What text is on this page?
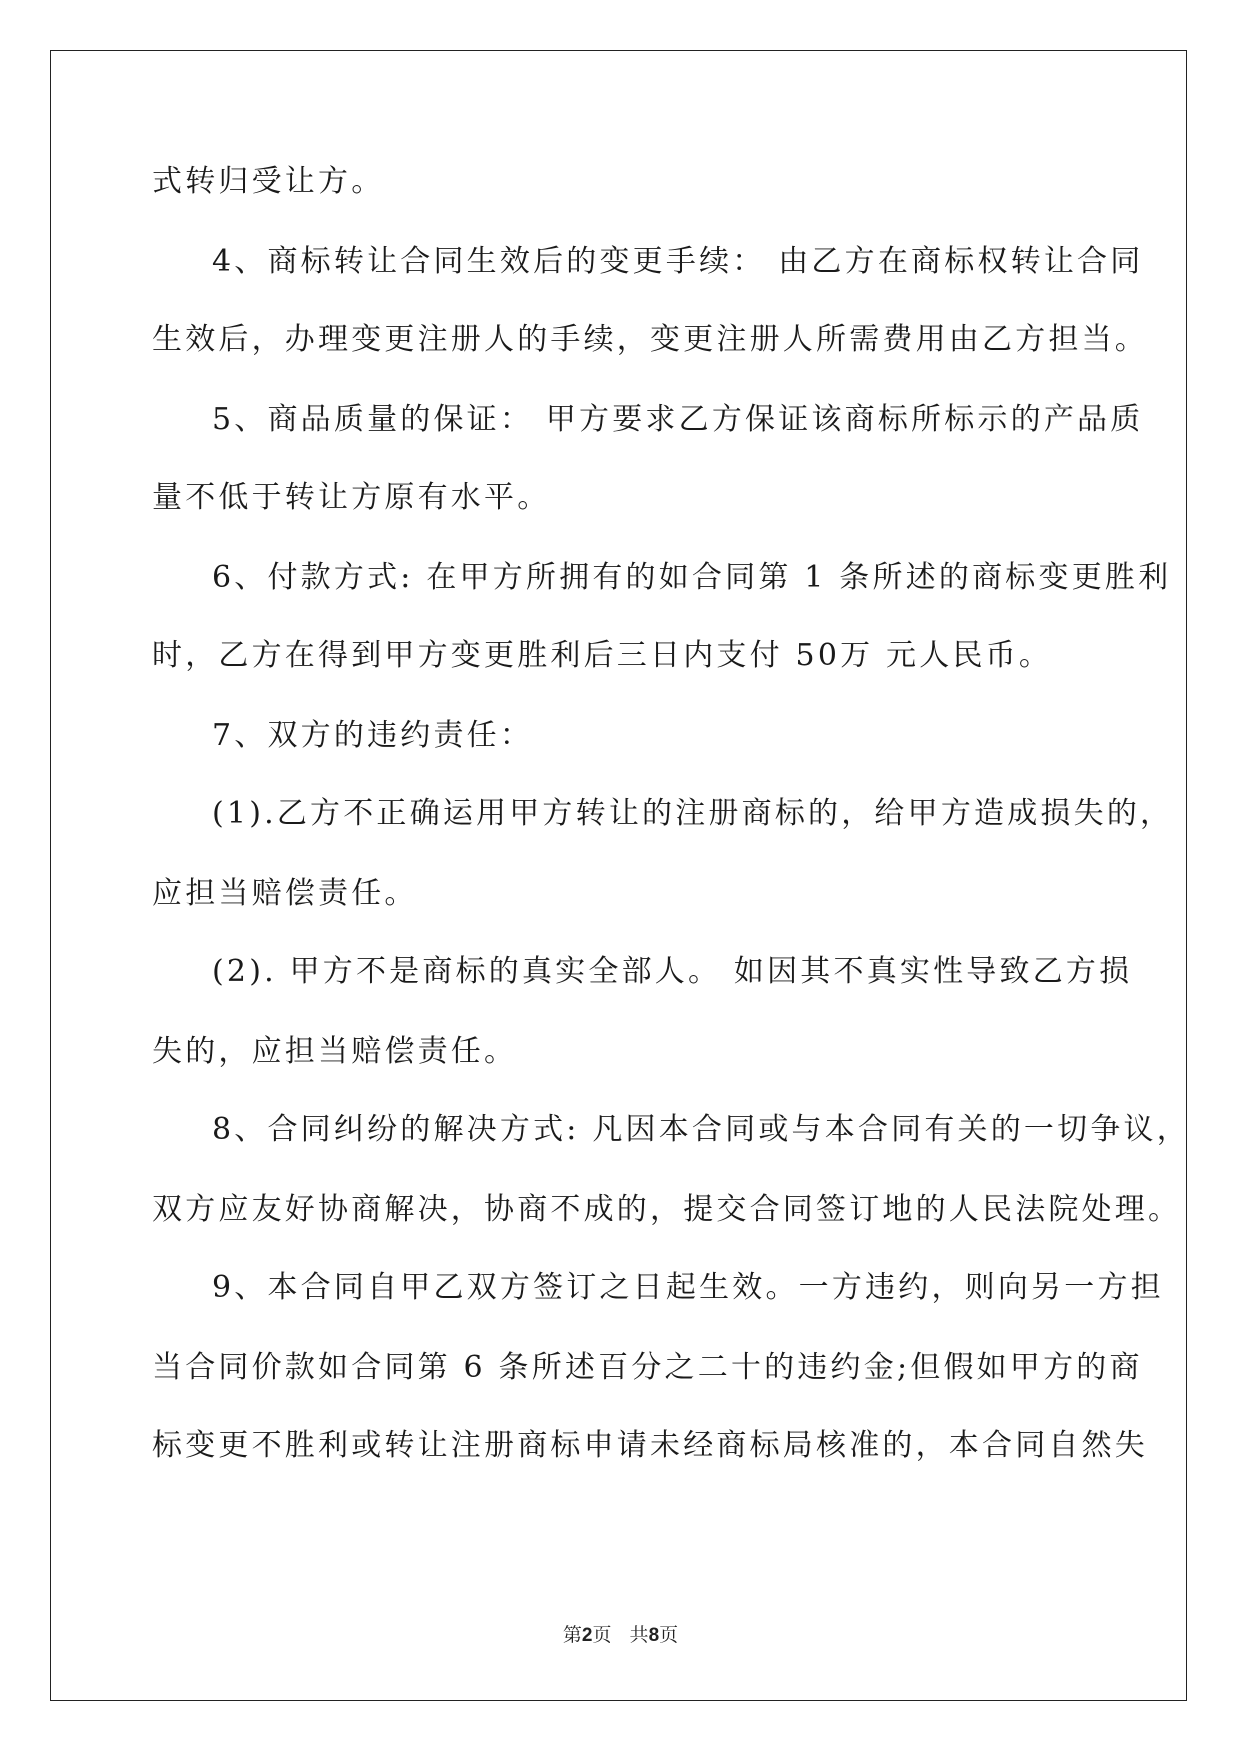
式转归受让方。
4、商标转让合同生效后的变更手续： 由乙方在商标权转让合同
生效后，办理变更注册人的手续，变更注册人所需费用由乙方担当。
5、商品质量的保证： 甲方要求乙方保证该商标所标示的产品质
量不低于转让方原有水平。
6、付款方式: 在甲方所拥有的如合同第 1 条所述的商标变更胜利
时，乙方在得到甲方变更胜利后三日内支付 50万 元人民币。
7、双方的违约责任：
(1).乙方不正确运用甲方转让的注册商标的，给甲方造成损失的，
应担当赔偿责任。
(2). 甲方不是商标的真实全部人。 如因其不真实性导致乙方损
失的，应担当赔偿责任。
8、合同纠纷的解决方式: 凡因本合同或与本合同有关的一切争议，
双方应友好协商解决，协商不成的，提交合同签订地的人民法院处理。
9、本合同自甲乙双方签订之日起生效。一方违约，则向另一方担
当合同价款如合同第 6 条所述百分之二十的违约金;但假如甲方的商
标变更不胜利或转让注册商标申请未经商标局核准的，本合同自然失
第2页   共8页
